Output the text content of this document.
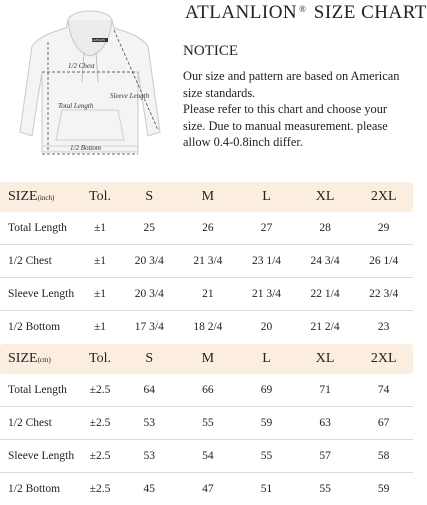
ATLANLION
1/2 Chest
Sleeve Length
Total Length
1/2 Bottom
ATLANLION ® SIZE CHART
NOTICE
Our size and pattern are based on American
size standards.
Please refer to this chart and choose your
size. Due to manual measurement. please
allow 0.4-0.8inch differ.
SIZE(inch)	Tol.	S	M	L	XL	2XL
Total Length	±1	25	26	27	28	29
1/2 Chest	±1	20 3/4	21 3/4	23 1/4	24 3/4	26 1/4
Sleeve Length	±1	20 3/4	21	21 3/4	22 1/4	22 3/4
1/2 Bottom	±1	17 3/4	18 2/4	20	21 2/4	23
SIZE(cm)	Tol.	S	M	L	XL	2XL
Total Length	±2.5	64	66	69	71	74
1/2 Chest	±2.5	53	55	59	63	67
Sleeve Length	±2.5	53	54	55	57	58
1/2 Bottom	±2.5	45	47	51	55	59
